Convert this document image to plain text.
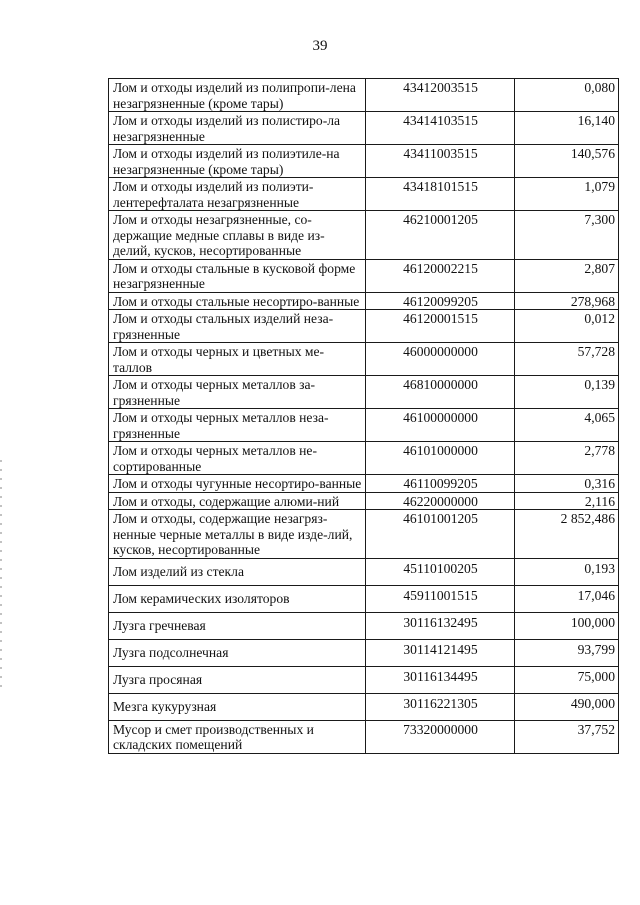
39
Лом и отходы изделий из полипропи-лена незагрязненные (кроме тары)	43412003515	0,080
Лом и отходы изделий из полистиро-ла незагрязненные	43414103515	16,140
Лом и отходы изделий из полиэтиле-на незагрязненные (кроме тары)	43411003515	140,576
Лом и отходы изделий из полиэти-лентерефталата незагрязненные	43418101515	1,079
Лом и отходы незагрязненные, со-держащие медные сплавы в виде из-делий, кусков, несортированные	46210001205	7,300
Лом и отходы стальные в кусковой форме незагрязненные	46120002215	2,807
Лом и отходы стальные несортиро-ванные	46120099205	278,968
Лом и отходы стальных изделий неза-грязненные	46120001515	0,012
Лом и отходы черных и цветных ме-таллов	46000000000	57,728
Лом и отходы черных металлов за-грязненные	46810000000	0,139
Лом и отходы черных металлов неза-грязненные	46100000000	4,065
Лом и отходы черных металлов не-сортированные	46101000000	2,778
Лом и отходы чугунные несортиро-ванные	46110099205	0,316
Лом и отходы, содержащие алюми-ний	46220000000	2,116
Лом и отходы, содержащие незагряз-ненные черные металлы в виде изде-лий, кусков, несортированные	46101001205	2 852,486
Лом изделий из стекла	45110100205	0,193
Лом керамических изоляторов	45911001515	17,046
Лузга гречневая	30116132495	100,000
Лузга подсолнечная	30114121495	93,799
Лузга просяная	30116134495	75,000
Мезга кукурузная	30116221305	490,000
Мусор и смет производственных и складских помещений	73320000000	37,752
